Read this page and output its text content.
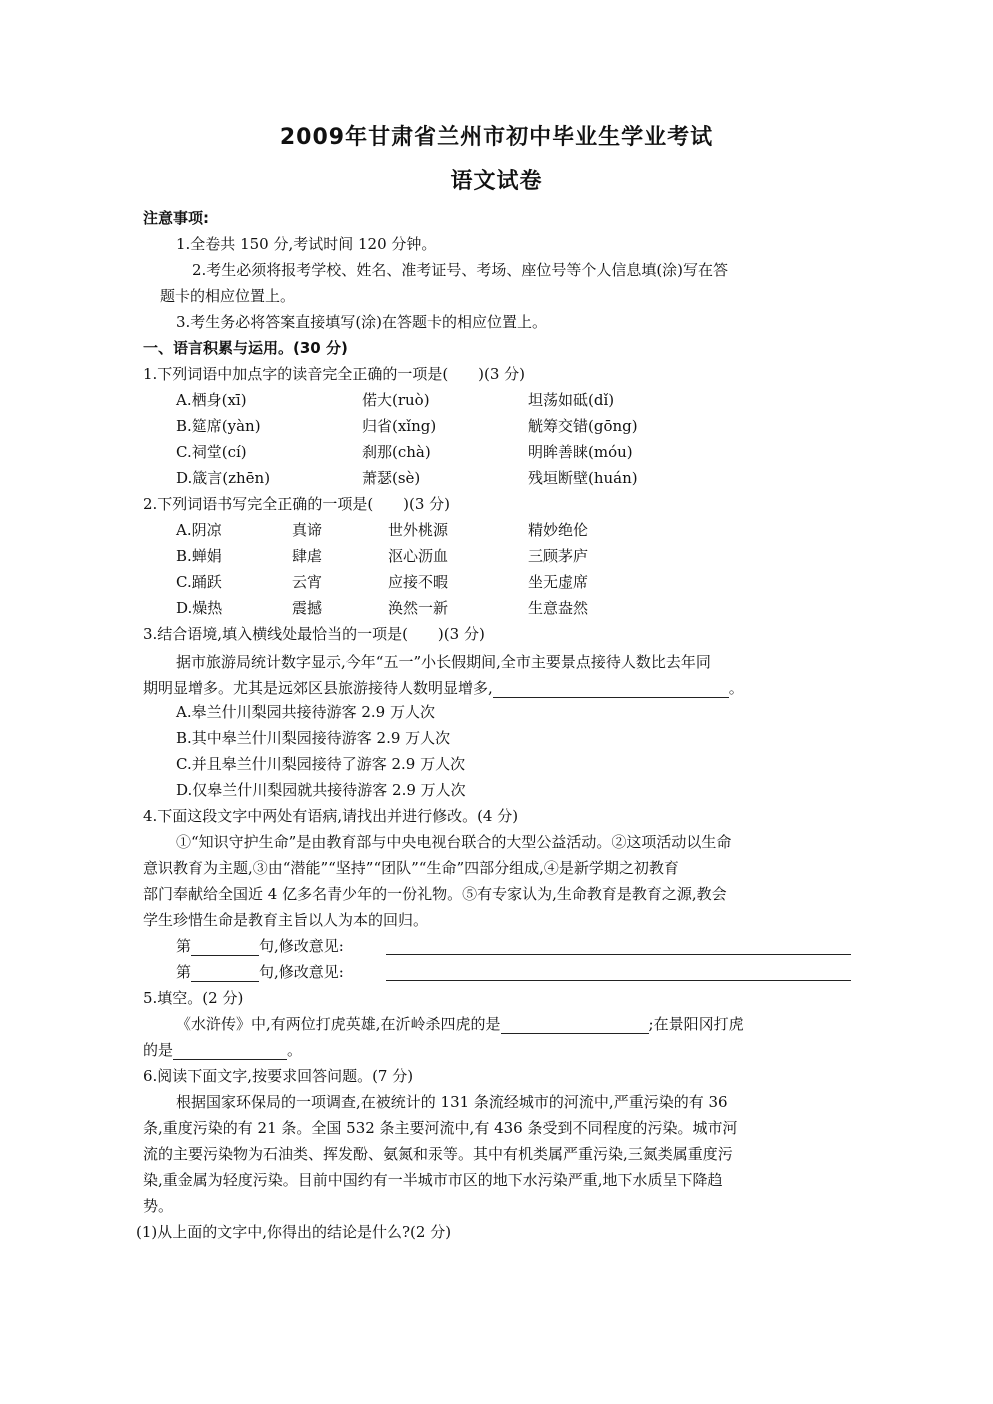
2009年甘肃省兰州市初中毕业生学业考试
语文试卷
注意事项:
1.全卷共 150 分,考试时间 120 分钟。
2.考生必须将报考学校、姓名、准考证号、考场、座位号等个人信息填(涂)写在答
题卡的相应位置上。
3.考生务必将答案直接填写(涂)在答题卡的相应位置上。
一、语言积累与运用。(30 分)
1.下列词语中加点字的读音完全正确的一项是(　　)(3 分)
A.栖身(xī)	偌大(ruò)	坦荡如砥(dǐ)
B.筵席(yàn)	归省(xǐng)	觥筹交错(gōng)
C.祠堂(cí)	刹那(chà)	明眸善睐(móu)
D.箴言(zhēn)	萧瑟(sè)	残垣断壁(huán)
2.下列词语书写完全正确的一项是(　　)(3 分)
A.阴凉	真谛	世外桃源	精妙绝伦
B.蝉娟	肆虐	沤心沥血	三顾茅庐
C.踊跃	云宵	应接不暇	坐无虚席
D.燥热	震撼	涣然一新	生意盎然
3.结合语境,填入横线处最恰当的一项是(　　)(3 分)
据市旅游局统计数字显示,今年“五一”小长假期间,全市主要景点接待人数比去年同
期明显增多。尤其是远郊区县旅游接待人数明显增多,	。
A.皋兰什川梨园共接待游客 2.9 万人次
B.其中皋兰什川梨园接待游客 2.9 万人次
C.并且皋兰什川梨园接待了游客 2.9 万人次
D.仅皋兰什川梨园就共接待游客 2.9 万人次
4.下面这段文字中两处有语病,请找出并进行修改。(4 分)
①“知识守护生命”是由教育部与中央电视台联合的大型公益活动。②这项活动以生命
意识教育为主题,③由“潜能”“坚持”“团队”“生命”四部分组成,④是新学期之初教育
部门奉献给全国近 4 亿多名青少年的一份礼物。⑤有专家认为,生命教育是教育之源,教会
学生珍惜生命是教育主旨以人为本的回归。
第	句,修改意见:
第	句,修改意见:
5.填空。(2 分)
《水浒传》中,有两位打虎英雄,在沂岭杀四虎的是	;在景阳冈打虎
的是	。
6.阅读下面文字,按要求回答问题。(7 分)
根据国家环保局的一项调查,在被统计的 131 条流经城市的河流中,严重污染的有 36
条,重度污染的有 21 条。全国 532 条主要河流中,有 436 条受到不同程度的污染。城市河
流的主要污染物为石油类、挥发酚、氨氮和汞等。其中有机类属严重污染,三氮类属重度污
染,重金属为轻度污染。目前中国约有一半城市市区的地下水污染严重,地下水质呈下降趋
势。
(1)从上面的文字中,你得出的结论是什么?(2 分)
